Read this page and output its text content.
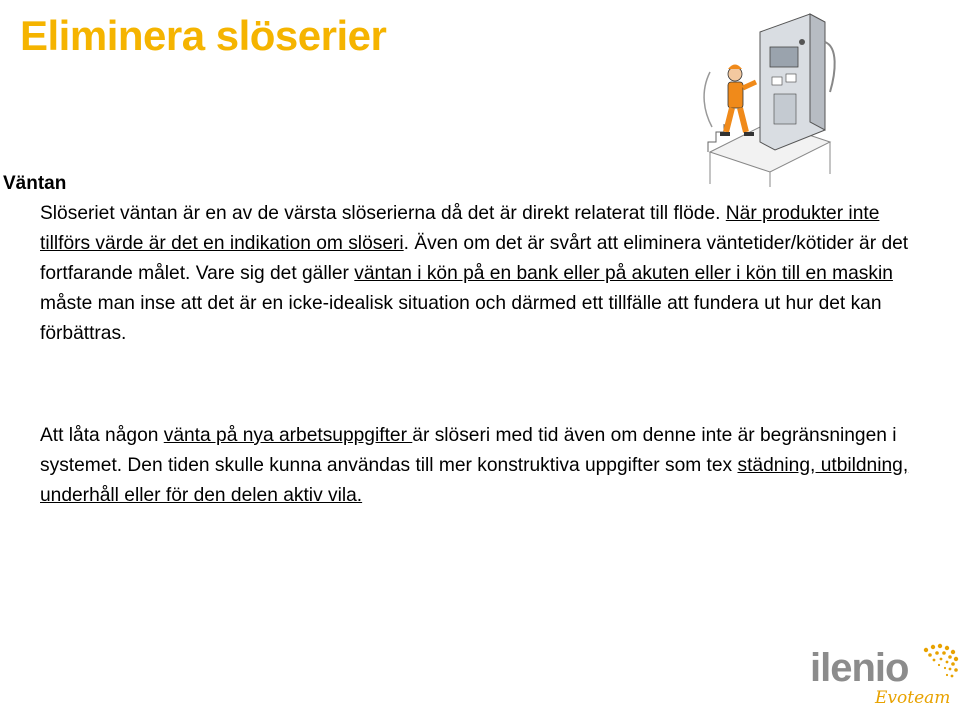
Eliminera slöserier
Väntan

Slöseriet väntan är en av de värsta slöserierna då det är direkt relaterat till flöde. När produkter inte tillförs värde är det en indikation om slöseri. Även om det är svårt att eliminera väntetider/kötider är det fortfarande målet. Vare sig det gäller väntan i kön på en bank eller på akuten eller i kön till en maskin måste man inse att det är en icke-idealisk situation och därmed ett tillfälle att fundera ut hur det kan förbättras.

Att låta någon vänta på nya arbetsuppgifter är slöseri med tid även om denne inte är begränsningen i systemet. Den tiden skulle kunna användas till mer konstruktiva uppgifter som tex städning, utbildning, underhåll eller för den delen aktiv vila.

ilenio
Evoteam
